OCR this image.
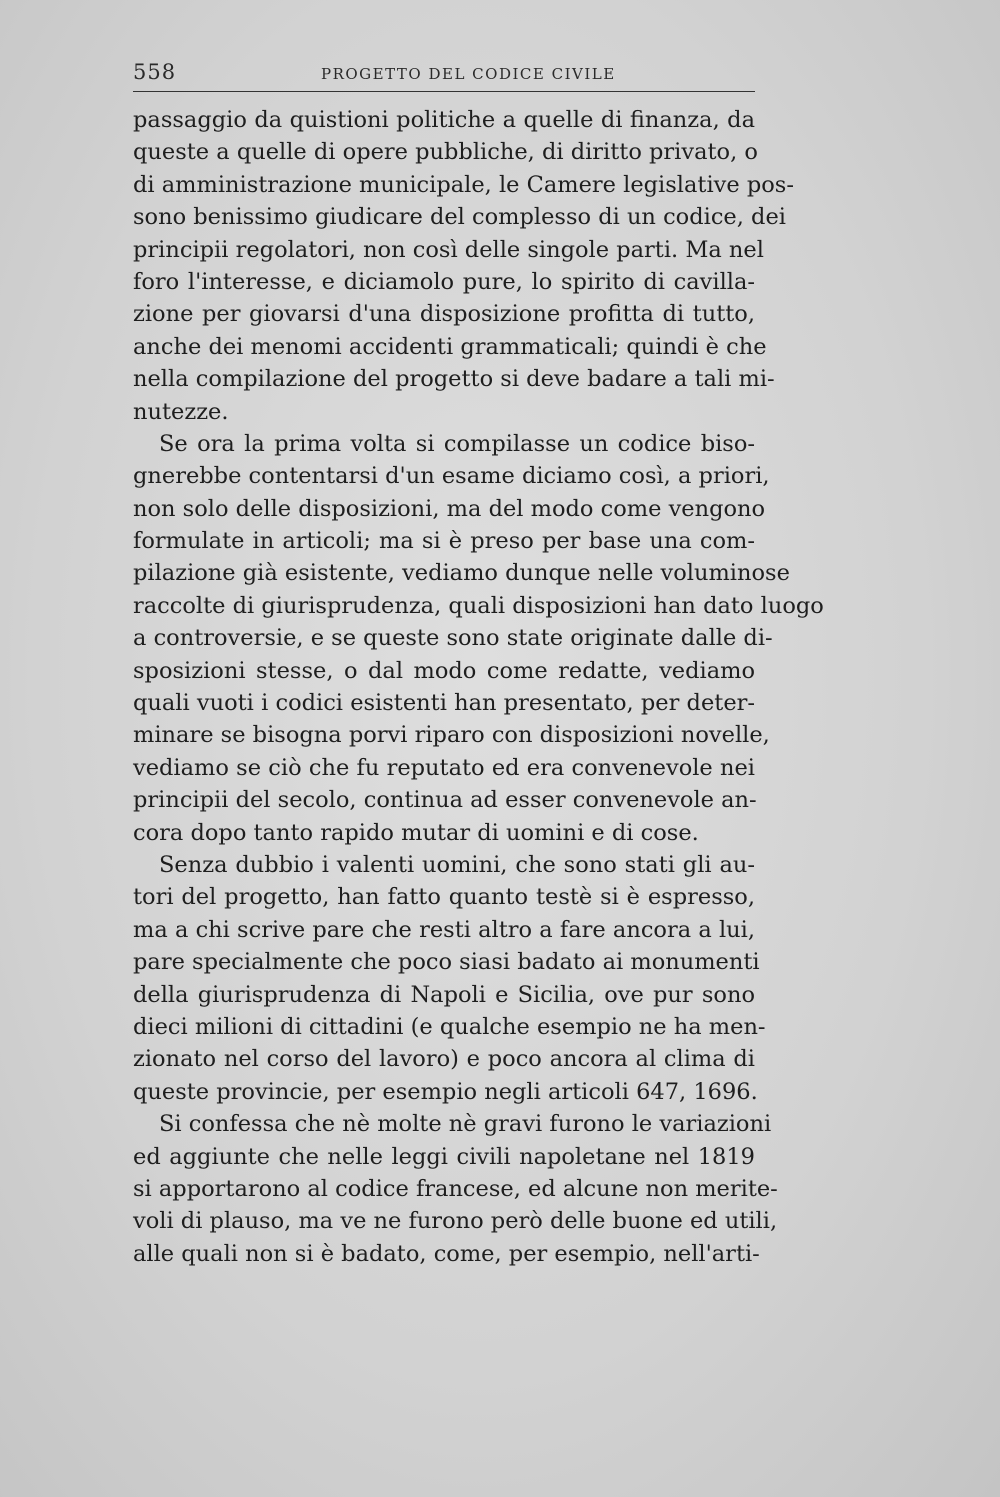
558	PROGETTO DEL CODICE CIVILE
passaggio da quistioni politiche a quelle di finanza, da
queste a quelle di opere pubbliche, di diritto privato, o
di amministrazione municipale, le Camere legislative pos-
sono benissimo giudicare del complesso di un codice, dei
principii regolatori, non così delle singole parti. Ma nel
foro l'interesse, e diciamolo pure, lo spirito di cavilla-
zione per giovarsi d'una disposizione profitta di tutto,
anche dei menomi accidenti grammaticali; quindi è che
nella compilazione del progetto si deve badare a tali mi-
nutezze.
Se ora la prima volta si compilasse un codice biso-
gnerebbe contentarsi d'un esame diciamo così, a priori,
non solo delle disposizioni, ma del modo come vengono
formulate in articoli; ma si è preso per base una com-
pilazione già esistente, vediamo dunque nelle voluminose
raccolte di giurisprudenza, quali disposizioni han dato luogo
a controversie, e se queste sono state originate dalle di-
sposizioni stesse, o dal modo come redatte, vediamo
quali vuoti i codici esistenti han presentato, per deter-
minare se bisogna porvi riparo con disposizioni novelle,
vediamo se ciò che fu reputato ed era convenevole nei
principii del secolo, continua ad esser convenevole an-
cora dopo tanto rapido mutar di uomini e di cose.
Senza dubbio i valenti uomini, che sono stati gli au-
tori del progetto, han fatto quanto testè si è espresso,
ma a chi scrive pare che resti altro a fare ancora a lui,
pare specialmente che poco siasi badato ai monumenti
della giurisprudenza di Napoli e Sicilia, ove pur sono
dieci milioni di cittadini (e qualche esempio ne ha men-
zionato nel corso del lavoro) e poco ancora al clima di
queste provincie, per esempio negli articoli 647, 1696.
Si confessa che nè molte nè gravi furono le variazioni
ed aggiunte che nelle leggi civili napoletane nel 1819
si apportarono al codice francese, ed alcune non merite-
voli di plauso, ma ve ne furono però delle buone ed utili,
alle quali non si è badato, come, per esempio, nell'arti-
